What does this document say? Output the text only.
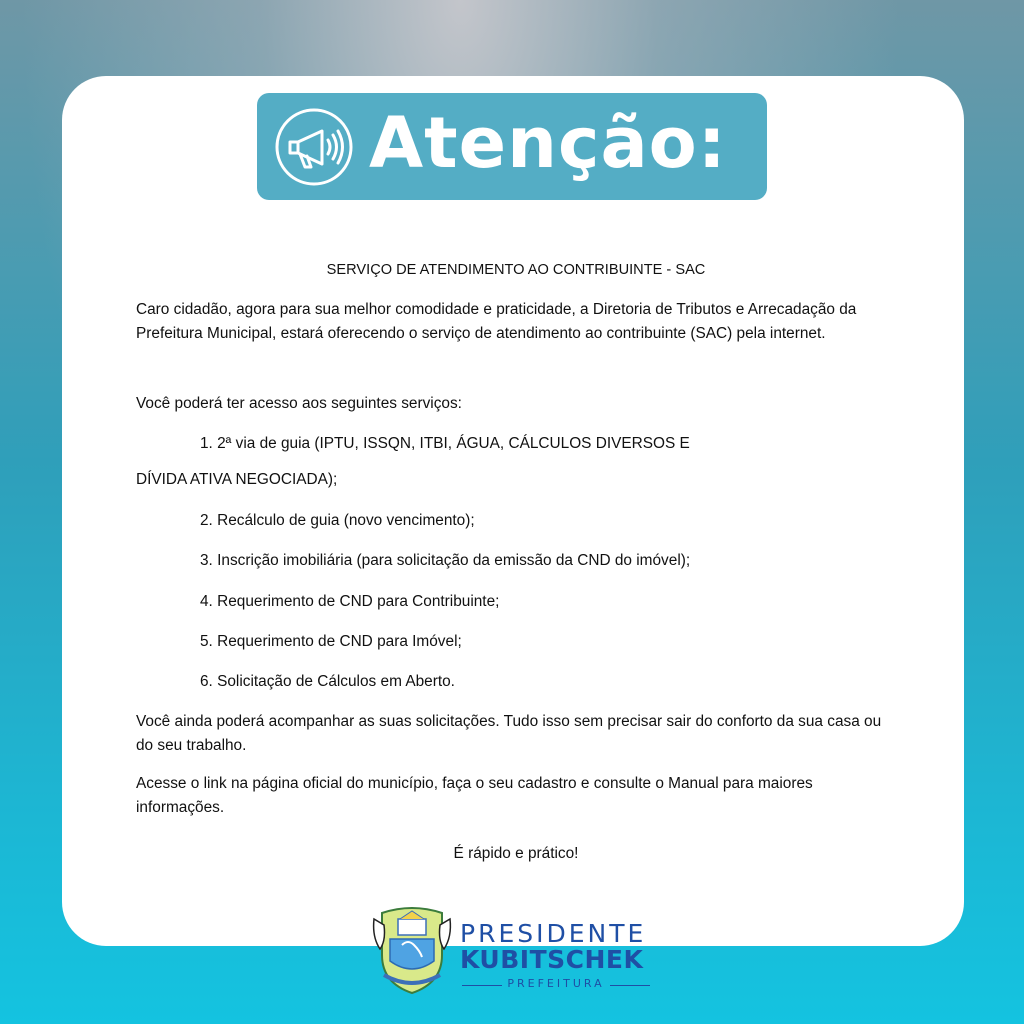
Atenção:

SERVIÇO DE ATENDIMENTO AO CONTRIBUINTE - SAC

Caro cidadão, agora para sua melhor comodidade e praticidade, a Diretoria de Tributos e Arrecadação da Prefeitura Municipal, estará oferecendo o serviço de atendimento ao contribuinte (SAC) pela internet.

Você poderá ter acesso aos seguintes serviços:

1. 2ª via de guia (IPTU, ISSQN, ITBI, ÁGUA, CÁLCULOS DIVERSOS E

DÍVIDA ATIVA NEGOCIADA);

2. Recálculo de guia (novo vencimento);

3. Inscrição imobiliária (para solicitação da emissão da CND do imóvel);

4. Requerimento de CND para Contribuinte;

5. Requerimento de CND para Imóvel;

6. Solicitação de Cálculos em Aberto.

Você ainda poderá acompanhar as suas solicitações. Tudo isso sem precisar sair do conforto da sua casa ou do seu trabalho.

Acesse o link na página oficial do município, faça o seu cadastro e consulte o Manual para maiores informações.

É rápido e prático!

PRESIDENTE
KUBITSCHEK
PREFEITURA
